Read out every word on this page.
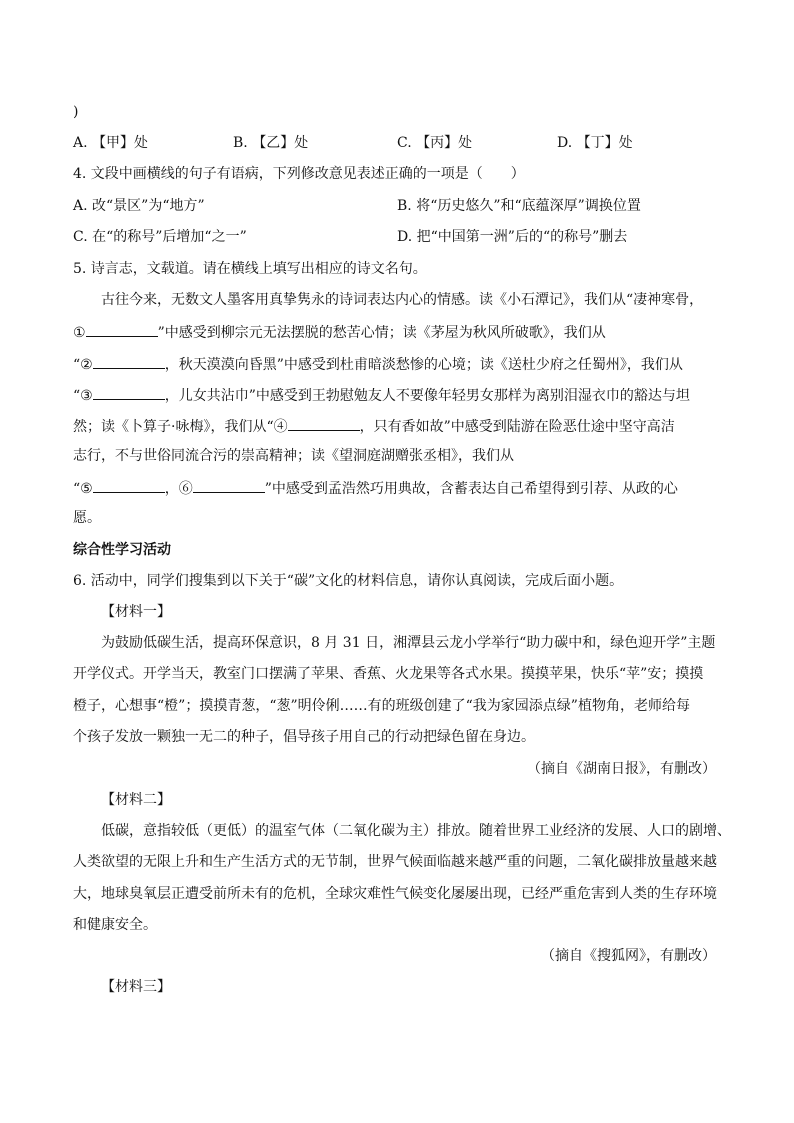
)
A. 【甲】处	B. 【乙】处	C. 【丙】处	D. 【丁】处
4. 文段中画横线的句子有语病，下列修改意见表述正确的一项是（　　）
A. 改“景区”为“地方”	B. 将“历史悠久”和“底蕴深厚”调换位置
C. 在“的称号”后增加“之一”	D. 把“中国第一洲”后的“的称号”删去
5. 诗言志，文载道。请在横线上填写出相应的诗文名句。
古往今来，无数文人墨客用真挚隽永的诗词表达内心的情感。读《小石潭记》，我们从“凄神寒骨，
①	”中感受到柳宗元无法摆脱的愁苦心情；读《茅屋为秋风所破歌》，我们从
“②	，秋天漠漠向昏黑”中感受到杜甫暗淡愁惨的心境；读《送杜少府之任蜀州》，我们从
“③	，儿女共沾巾”中感受到王勃慰勉友人不要像年轻男女那样为离别泪湿衣巾的豁达与坦
然；读《卜算子·咏梅》，我们从“④	，只有香如故”中感受到陆游在险恶仕途中坚守高洁
志行，不与世俗同流合污的崇高精神；读《望洞庭湖赠张丞相》，我们从
“⑤	，⑥	”中感受到孟浩然巧用典故，含蓄表达自己希望得到引荐、从政的心
愿。
综合性学习活动
6. 活动中，同学们搜集到以下关于“碳”文化的材料信息，请你认真阅读，完成后面小题。
【材料一】
为鼓励低碳生活，提高环保意识，8 月 31 日，湘潭县云龙小学举行“助力碳中和，绿色迎开学”主题
开学仪式。开学当天，教室门口摆满了苹果、香蕉、火龙果等各式水果。摸摸苹果，快乐“苹”安；摸摸
橙子，心想事“橙”；摸摸青葱，“葱”明伶俐……有的班级创建了“我为家园添点绿”植物角，老师给每
个孩子发放一颗独一无二的种子，倡导孩子用自己的行动把绿色留在身边。
（摘自《湖南日报》，有删改）
【材料二】
低碳，意指较低（更低）的温室气体（二氧化碳为主）排放。随着世界工业经济的发展、人口的剧增、
人类欲望的无限上升和生产生活方式的无节制，世界气候面临越来越严重的问题，二氧化碳排放量越来越
大，地球臭氧层正遭受前所未有的危机，全球灾难性气候变化屡屡出现，已经严重危害到人类的生存环境
和健康安全。
（摘自《搜狐网》，有删改）
【材料三】
